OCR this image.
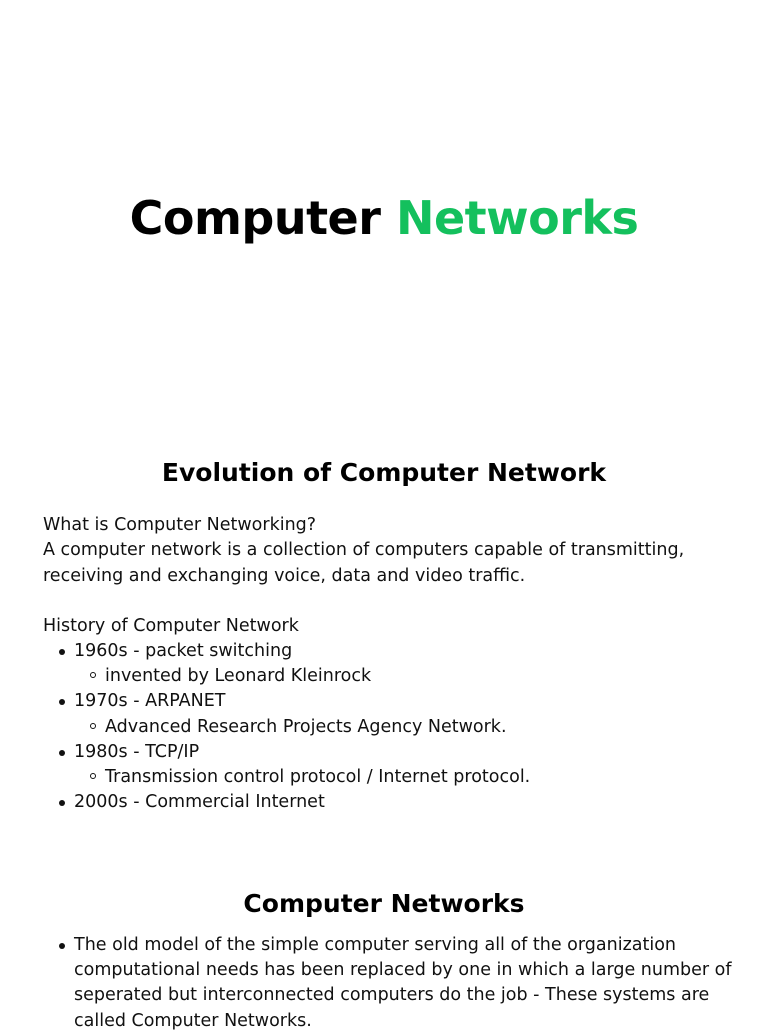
Computer Networks
Evolution of Computer Network
What is Computer Networking?
A computer network is a collection of computers capable of transmitting, receiving and exchanging voice, data and video traffic.
History of Computer Network
1960s - packet switching
invented by Leonard Kleinrock
1970s - ARPANET
Advanced Research Projects Agency Network.
1980s - TCP/IP
Transmission control protocol / Internet protocol.
2000s - Commercial Internet
Computer Networks
The old model of the simple computer serving all of the organization computational needs has been replaced by one in which a large number of seperated but interconnected computers do the job - These systems are called Computer Networks.
